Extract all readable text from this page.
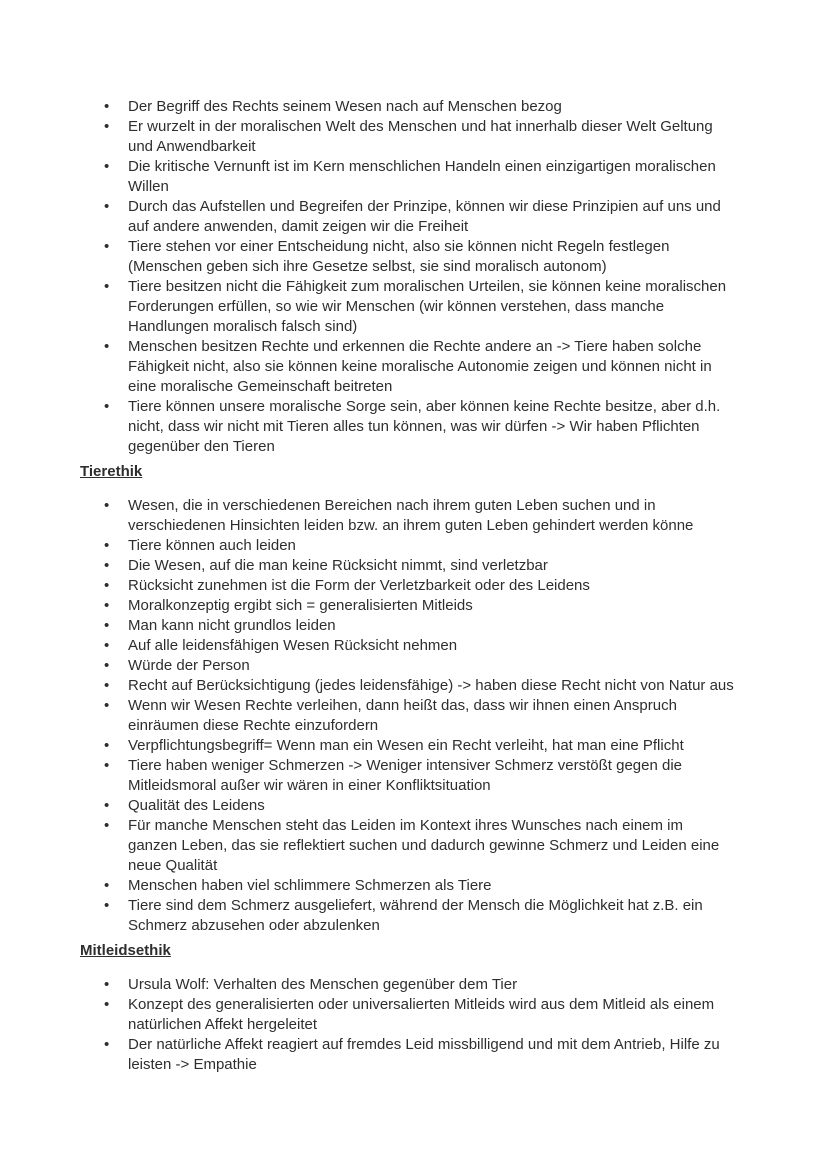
• Der Begriff des Rechts seinem Wesen nach auf Menschen bezog
• Er wurzelt in der moralischen Welt des Menschen und hat innerhalb dieser Welt Geltung
und Anwendbarkeit
• Die kritische Vernunft ist im Kern menschlichen Handeln einen einzigartigen moralischen
Willen
• Durch das Aufstellen und Begreifen der Prinzipe, können wir diese Prinzipien auf uns und
auf andere anwenden, damit zeigen wir die Freiheit
• Tiere stehen vor einer Entscheidung nicht, also sie können nicht Regeln festlegen
(Menschen geben sich ihre Gesetze selbst, sie sind moralisch autonom)
• Tiere besitzen nicht die Fähigkeit zum moralischen Urteilen, sie können keine moralischen
Forderungen erfüllen, so wie wir Menschen (wir können verstehen, dass manche
Handlungen moralisch falsch sind)
• Menschen besitzen Rechte und erkennen die Rechte andere an -> Tiere haben solche
Fähigkeit nicht, also sie können keine moralische Autonomie zeigen und können nicht in
eine moralische Gemeinschaft beitreten
• Tiere können unsere moralische Sorge sein, aber können keine Rechte besitze, aber d.h.
nicht, dass wir nicht mit Tieren alles tun können, was wir dürfen -> Wir haben Pflichten
gegenüber den Tieren
Tierethik
• Wesen, die in verschiedenen Bereichen nach ihrem guten Leben suchen und in
verschiedenen Hinsichten leiden bzw. an ihrem guten Leben gehindert werden könne
• Tiere können auch leiden
• Die Wesen, auf die man keine Rücksicht nimmt, sind verletzbar
• Rücksicht zunehmen ist die Form der Verletzbarkeit oder des Leidens
• Moralkonzeptig ergibt sich = generalisierten Mitleids
• Man kann nicht grundlos leiden
• Auf alle leidensfähigen Wesen Rücksicht nehmen
• Würde der Person
• Recht auf Berücksichtigung (jedes leidensfähige) -> haben diese Recht nicht von Natur aus
• Wenn wir Wesen Rechte verleihen, dann heißt das, dass wir ihnen einen Anspruch
einräumen diese Rechte einzufordern
• Verpflichtungsbegriff= Wenn man ein Wesen ein Recht verleiht, hat man eine Pflicht
• Tiere haben weniger Schmerzen -> Weniger intensiver Schmerz verstößt gegen die
Mitleidsmoral außer wir wären in einer Konfliktsituation
• Qualität des Leidens
• Für manche Menschen steht das Leiden im Kontext ihres Wunsches nach einem im
ganzen Leben, das sie reflektiert suchen und dadurch gewinne Schmerz und Leiden eine
neue Qualität
• Menschen haben viel schlimmere Schmerzen als Tiere
• Tiere sind dem Schmerz ausgeliefert, während der Mensch die Möglichkeit hat z.B. ein
Schmerz abzusehen oder abzulenken
Mitleidsethik
• Ursula Wolf: Verhalten des Menschen gegenüber dem Tier
• Konzept des generalisierten oder universalierten Mitleids wird aus dem Mitleid als einem
natürlichen Affekt hergeleitet
• Der natürliche Affekt reagiert auf fremdes Leid missbilligend und mit dem Antrieb, Hilfe zu
leisten -> Empathie
